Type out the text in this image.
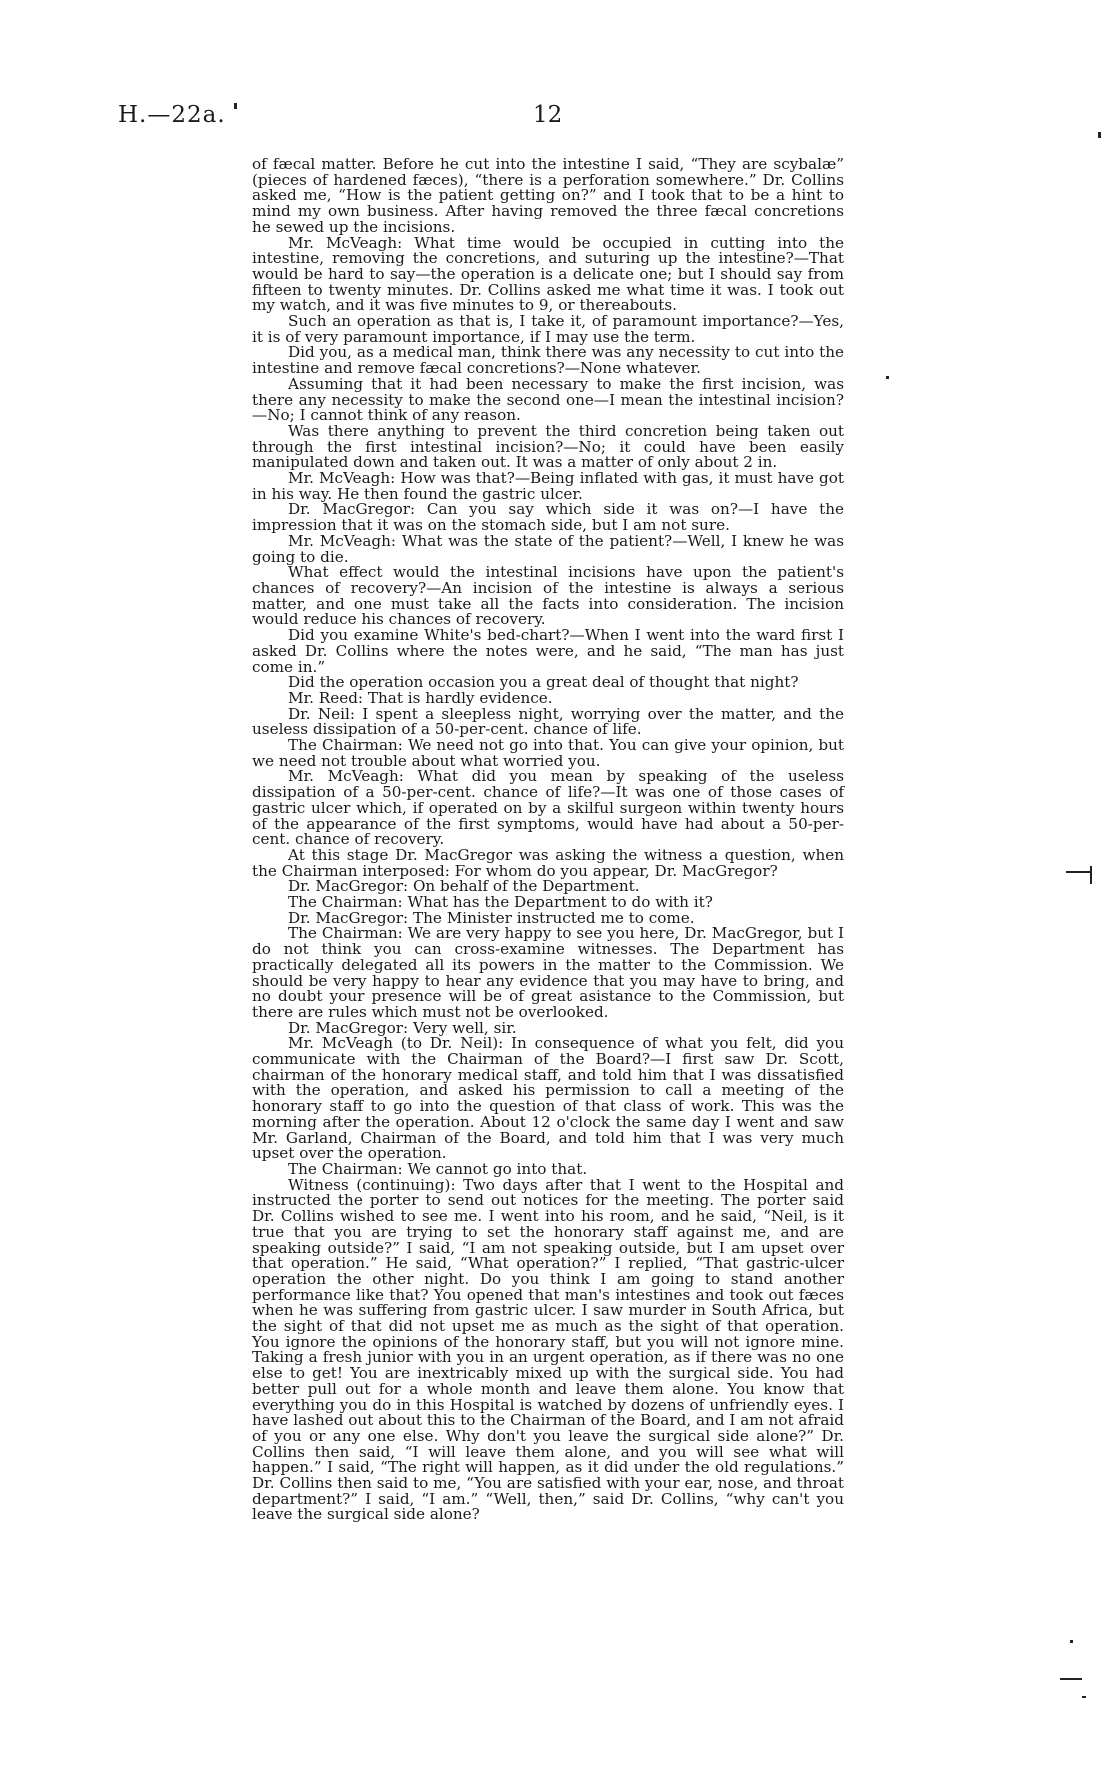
H.—22a.	12

of fæcal matter. Before he cut into the intestine I said, “They are scybalæ” (pieces of hardened fæces), “there is a perforation somewhere.” Dr. Collins asked me, “How is the patient getting on?” and I took that to be a hint to mind my own business. After having removed the three fæcal concretions he sewed up the incisions.

Mr. McVeagh: What time would be occupied in cutting into the intestine, removing the concretions, and suturing up the intestine?—That would be hard to say—the operation is a delicate one; but I should say from fifteen to twenty minutes. Dr. Collins asked me what time it was. I took out my watch, and it was five minutes to 9, or thereabouts.

Such an operation as that is, I take it, of paramount importance?—Yes, it is of very paramount importance, if I may use the term.

Did you, as a medical man, think there was any necessity to cut into the intestine and remove fæcal concretions?—None whatever.

Assuming that it had been necessary to make the first incision, was there any necessity to make the second one—I mean the intestinal incision?—No; I cannot think of any reason.

Was there anything to prevent the third concretion being taken out through the first intestinal incision?—No; it could have been easily manipulated down and taken out. It was a matter of only about 2 in.

Mr. McVeagh: How was that?—Being inflated with gas, it must have got in his way. He then found the gastric ulcer.

Dr. MacGregor: Can you say which side it was on?—I have the impression that it was on the stomach side, but I am not sure.

Mr. McVeagh: What was the state of the patient?—Well, I knew he was going to die.

What effect would the intestinal incisions have upon the patient's chances of recovery?—An incision of the intestine is always a serious matter, and one must take all the facts into consideration. The incision would reduce his chances of recovery.

Did you examine White's bed-chart?—When I went into the ward first I asked Dr. Collins where the notes were, and he said, “The man has just come in.”

Did the operation occasion you a great deal of thought that night?

Mr. Reed: That is hardly evidence.

Dr. Neil: I spent a sleepless night, worrying over the matter, and the useless dissipation of a 50-per-cent. chance of life.

The Chairman: We need not go into that. You can give your opinion, but we need not trouble about what worried you.

Mr. McVeagh: What did you mean by speaking of the useless dissipation of a 50-per-cent. chance of life?—It was one of those cases of gastric ulcer which, if operated on by a skilful surgeon within twenty hours of the appearance of the first symptoms, would have had about a 50-per-cent. chance of recovery.

At this stage Dr. MacGregor was asking the witness a question, when the Chairman interposed: For whom do you appear, Dr. MacGregor?

Dr. MacGregor: On behalf of the Department.

The Chairman: What has the Department to do with it?

Dr. MacGregor: The Minister instructed me to come.

The Chairman: We are very happy to see you here, Dr. MacGregor, but I do not think you can cross-examine witnesses. The Department has practically delegated all its powers in the matter to the Commission. We should be very happy to hear any evidence that you may have to bring, and no doubt your presence will be of great asistance to the Commission, but there are rules which must not be overlooked.

Dr. MacGregor: Very well, sir.

Mr. McVeagh (to Dr. Neil): In consequence of what you felt, did you communicate with the Chairman of the Board?—I first saw Dr. Scott, chairman of the honorary medical staff, and told him that I was dissatisfied with the operation, and asked his permission to call a meeting of the honorary staff to go into the question of that class of work. This was the morning after the operation. About 12 o'clock the same day I went and saw Mr. Garland, Chairman of the Board, and told him that I was very much upset over the operation.

The Chairman: We cannot go into that.

Witness (continuing): Two days after that I went to the Hospital and instructed the porter to send out notices for the meeting. The porter said Dr. Collins wished to see me. I went into his room, and he said, “Neil, is it true that you are trying to set the honorary staff against me, and are speaking outside?” I said, “I am not speaking outside, but I am upset over that operation.” He said, “What operation?” I replied, “That gastric-ulcer operation the other night. Do you think I am going to stand another performance like that? You opened that man's intestines and took out fæces when he was suffering from gastric ulcer. I saw murder in South Africa, but the sight of that did not upset me as much as the sight of that operation. You ignore the opinions of the honorary staff, but you will not ignore mine. Taking a fresh junior with you in an urgent operation, as if there was no one else to get! You are inextricably mixed up with the surgical side. You had better pull out for a whole month and leave them alone. You know that everything you do in this Hospital is watched by dozens of unfriendly eyes. I have lashed out about this to the Chairman of the Board, and I am not afraid of you or any one else. Why don't you leave the surgical side alone?” Dr. Collins then said, “I will leave them alone, and you will see what will happen.” I said, “The right will happen, as it did under the old regulations.” Dr. Collins then said to me, “You are satisfied with your ear, nose, and throat department?” I said, “I am.” “Well, then,” said Dr. Collins, “why can't you leave the surgical side alone?
